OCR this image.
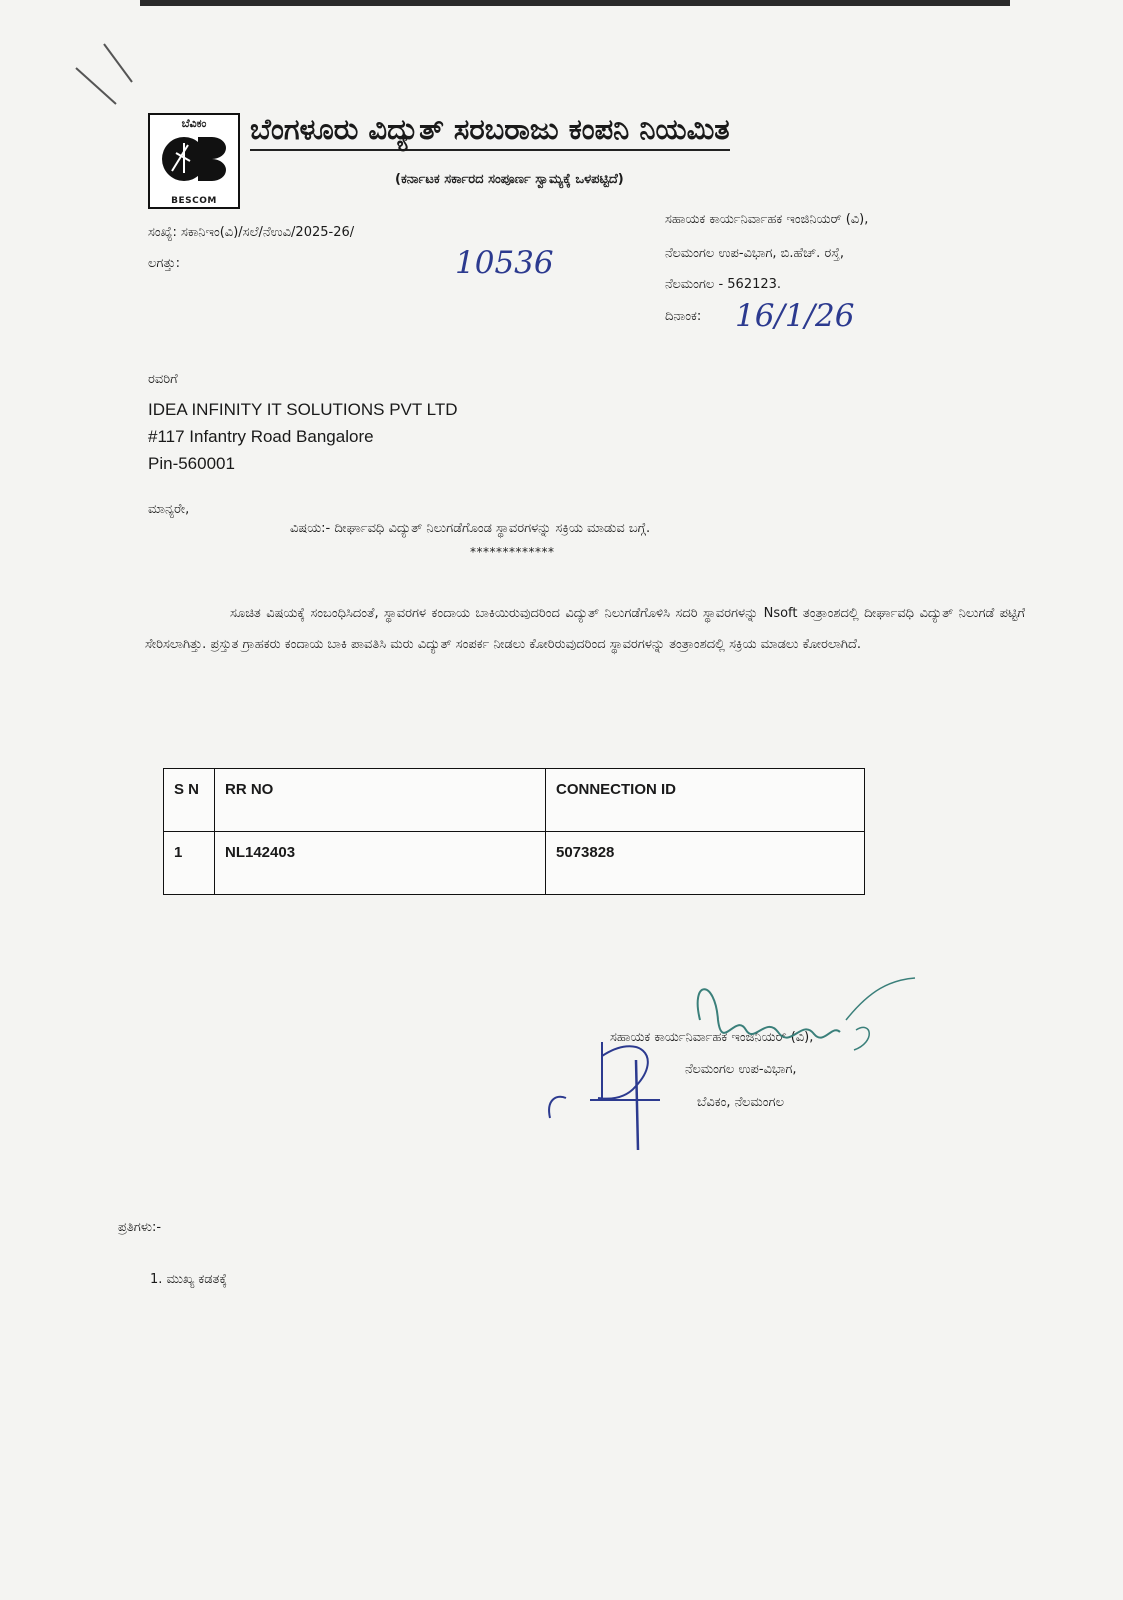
ಬೆವಿಕಂ
BESCOM
ಬೆಂಗಳೂರು ವಿದ್ಯುತ್ ಸರಬರಾಜು ಕಂಪನಿ ನಿಯಮಿತ
(ಕರ್ನಾಟಕ ಸರ್ಕಾರದ ಸಂಪೂರ್ಣ ಸ್ವಾಮ್ಯಕ್ಕೆ ಒಳಪಟ್ಟಿದೆ)
ಸಂಖ್ಯೆ: ಸಕಾನಿಇಂ(ವಿ)/ಸಲೆ/ನೆಉವಿ/2025-26/
ಲಗತ್ತು:	10536
ಸಹಾಯಕ ಕಾರ್ಯನಿರ್ವಾಹಕ ಇಂಜಿನಿಯರ್ (ವಿ),
ನೆಲಮಂಗಲ ಉಪ-ವಿಭಾಗ, ಬಿ.ಹೆಚ್. ರಸ್ತೆ,
ನೆಲಮಂಗಲ - 562123.
ದಿನಾಂಕ: 16/1/26
ರವರಿಗೆ
IDEA INFINITY IT SOLUTIONS PVT LTD
#117 Infantry Road Bangalore
Pin-560001
ಮಾನ್ಯರೇ,
ವಿಷಯ:- ದೀರ್ಘಾವಧಿ ವಿದ್ಯುತ್ ನಿಲುಗಡೆಗೊಂಡ ಸ್ಥಾವರಗಳನ್ನು ಸಕ್ರಿಯ ಮಾಡುವ ಬಗ್ಗೆ.
*************
ಸೂಚಿತ ವಿಷಯಕ್ಕೆ ಸಂಬಂಧಿಸಿದಂತೆ, ಸ್ಥಾವರಗಳ ಕಂದಾಯ ಬಾಕಿಯಿರುವುದರಿಂದ ವಿದ್ಯುತ್ ನಿಲುಗಡೆಗೊಳಿಸಿ ಸದರಿ ಸ್ಥಾವರಗಳನ್ನು Nsoft ತಂತ್ರಾಂಶದಲ್ಲಿ ದೀರ್ಘಾವಧಿ ವಿದ್ಯುತ್ ನಿಲುಗಡೆ ಪಟ್ಟಿಗೆ ಸೇರಿಸಲಾಗಿತ್ತು. ಪ್ರಸ್ತುತ ಗ್ರಾಹಕರು ಕಂದಾಯ ಬಾಕಿ ಪಾವತಿಸಿ ಮರು ವಿದ್ಯುತ್ ಸಂಪರ್ಕ ನೀಡಲು ಕೋರಿರುವುದರಿಂದ ಸ್ಥಾವರಗಳನ್ನು ತಂತ್ರಾಂಶದಲ್ಲಿ ಸಕ್ರಿಯ ಮಾಡಲು ಕೋರಲಾಗಿದೆ.
S N	RR NO	CONNECTION ID
1	NL142403	5073828
ಸಹಾಯಕ ಕಾರ್ಯನಿರ್ವಾಹಕ ಇಂಜಿನಿಯರ್ (ವಿ),
ನೆಲಮಂಗಲ ಉಪ-ವಿಭಾಗ,
ಬೆವಿಕಂ, ನೆಲಮಂಗಲ
ಪ್ರತಿಗಳು:-
1. ಮುಖ್ಯ ಕಡತಕ್ಕೆ
